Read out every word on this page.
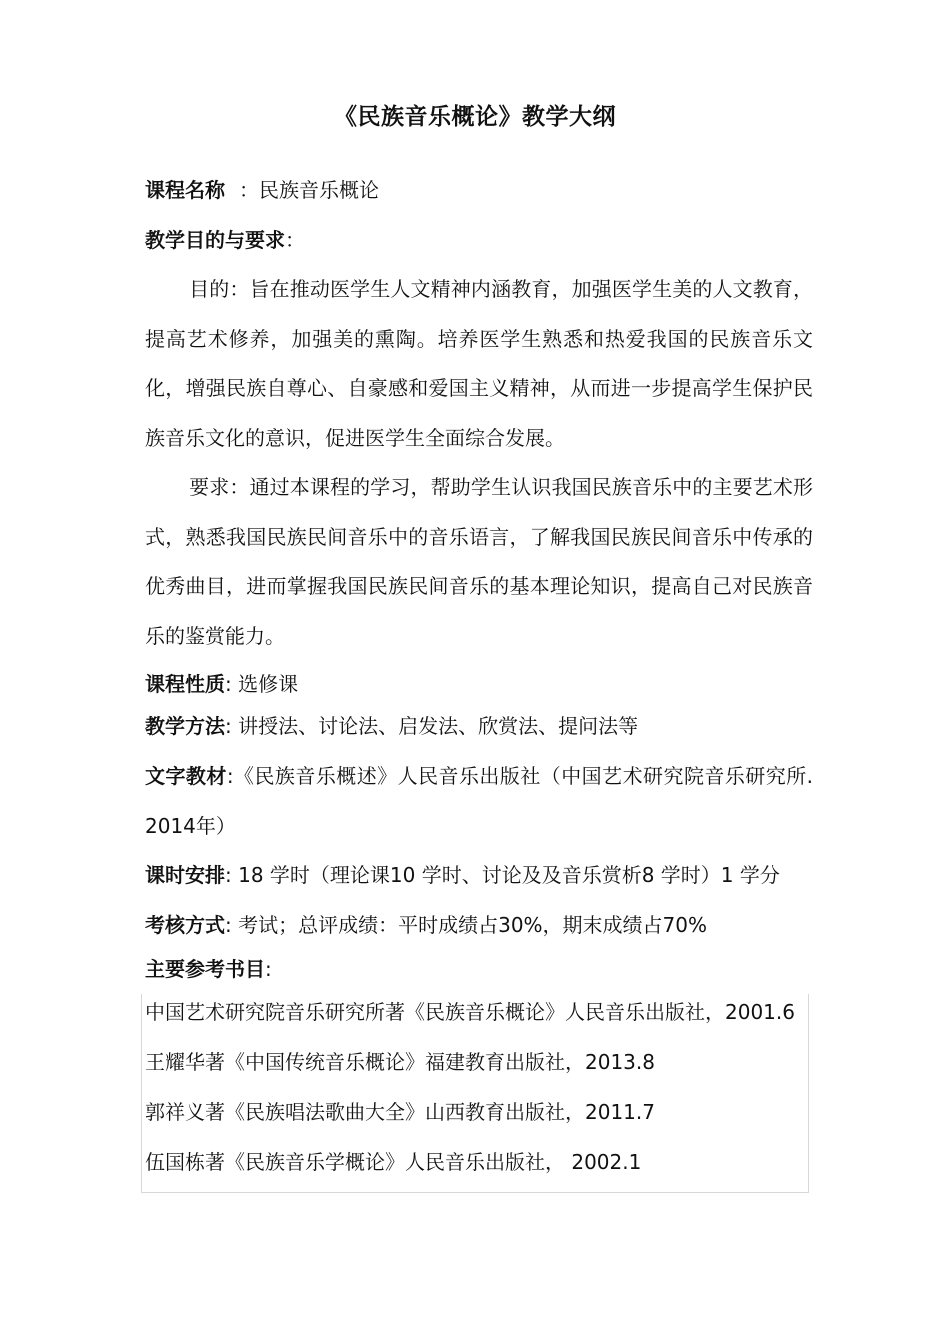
《民族音乐概论》教学大纲
课程名称 ：民族音乐概论
教学目的与要求：
目的：旨在推动医学生人文精神内涵教育，加强医学生美的人文教育，提高艺术修养，加强美的熏陶。培养医学生熟悉和热爱我国的民族音乐文化，增强民族自尊心、自豪感和爱国主义精神，从而进一步提高学生保护民族音乐文化的意识，促进医学生全面综合发展。
要求：通过本课程的学习，帮助学生认识我国民族音乐中的主要艺术形式，熟悉我国民族民间音乐中的音乐语言，了解我国民族民间音乐中传承的优秀曲目，进而掌握我国民族民间音乐的基本理论知识，提高自己对民族音乐的鉴赏能力。
课程性质: 选修课
教学方法: 讲授法、讨论法、启发法、欣赏法、提问法等
文字教材:《民族音乐概述》人民音乐出版社（中国艺术研究院音乐研究所. 2014年）
课时安排: 18 学时（理论课10 学时、讨论及及音乐赏析8 学时）1 学分
考核方式: 考试；总评成绩：平时成绩占30%，期末成绩占70%
主要参考书目:
中国艺术研究院音乐研究所著《民族音乐概论》人民音乐出版社，2001.6
王耀华著《中国传统音乐概论》福建教育出版社，2013.8
郭祥义著《民族唱法歌曲大全》山西教育出版社，2011.7
伍国栋著《民族音乐学概论》人民音乐出版社， 2002.1
